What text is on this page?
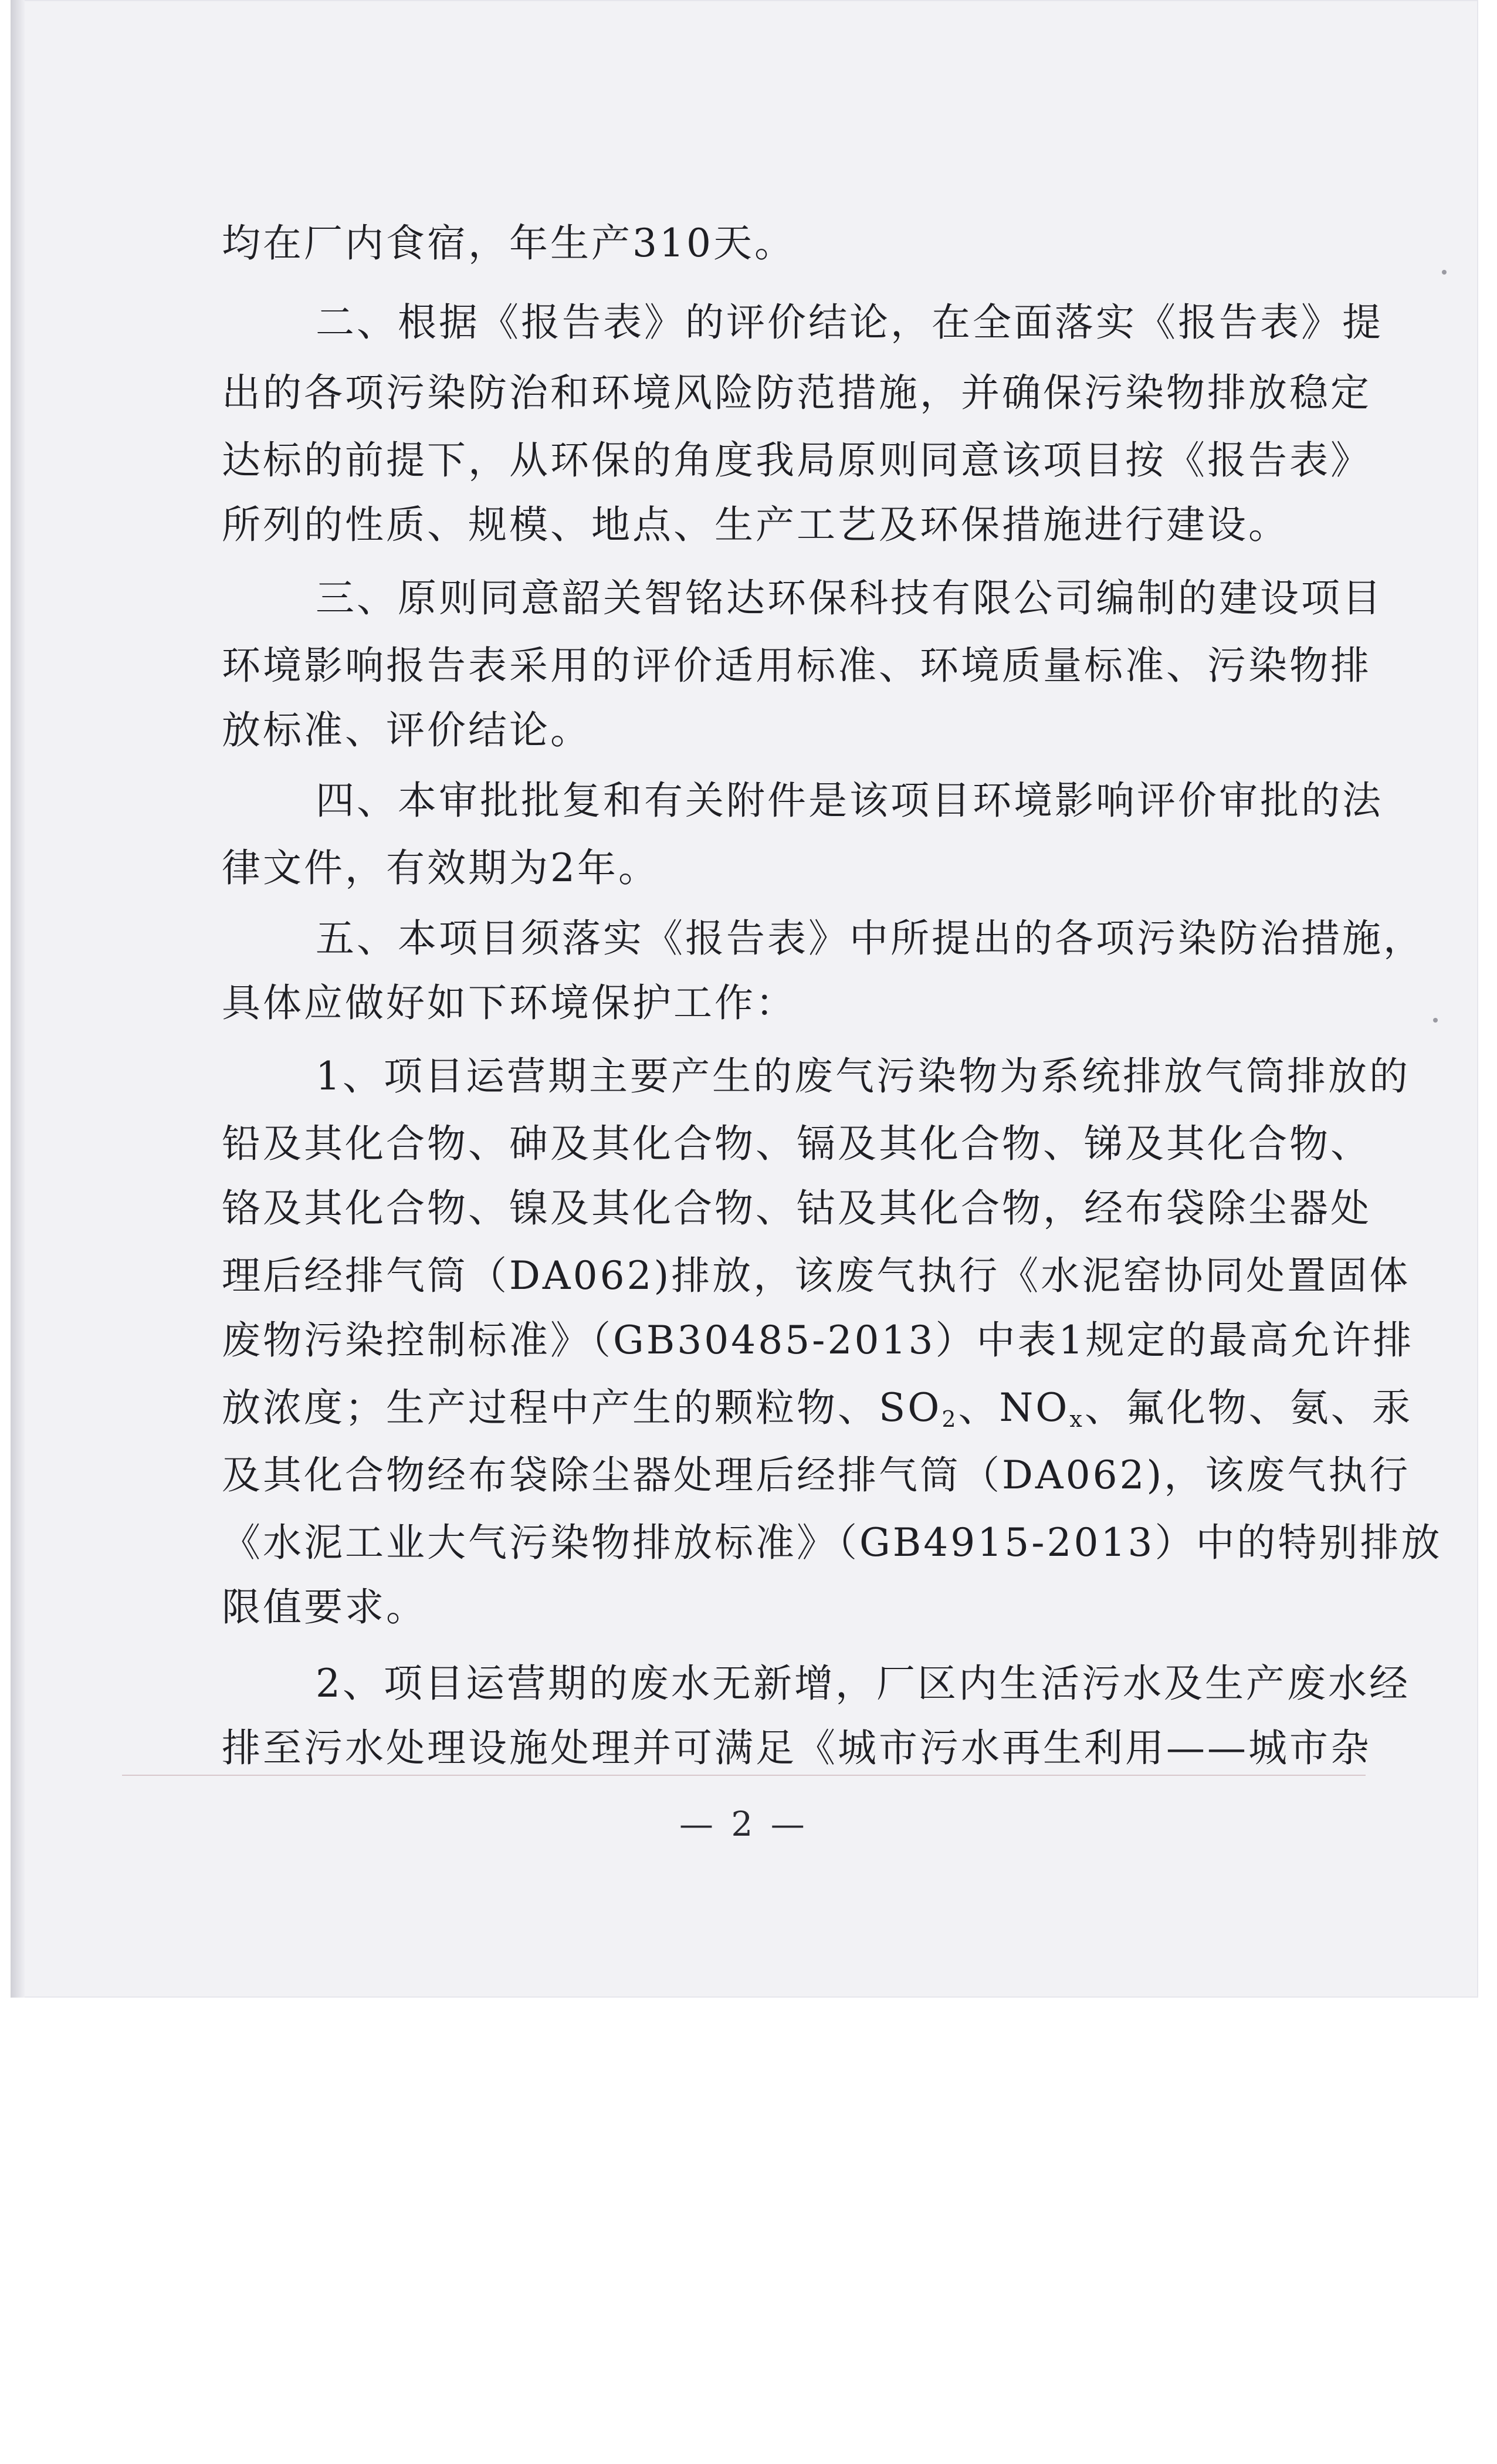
均在厂内食宿，年生产310天。
二、根据《报告表》的评价结论，在全面落实《报告表》提
出的各项污染防治和环境风险防范措施，并确保污染物排放稳定
达标的前提下，从环保的角度我局原则同意该项目按《报告表》
所列的性质、规模、地点、生产工艺及环保措施进行建设。
三、原则同意韶关智铭达环保科技有限公司编制的建设项目
环境影响报告表采用的评价适用标准、环境质量标准、污染物排
放标准、评价结论。
四、本审批批复和有关附件是该项目环境影响评价审批的法
律文件，有效期为2年。
五、本项目须落实《报告表》中所提出的各项污染防治措施，
具体应做好如下环境保护工作：
1、项目运营期主要产生的废气污染物为系统排放气筒排放的
铅及其化合物、砷及其化合物、镉及其化合物、锑及其化合物、
铬及其化合物、镍及其化合物、钴及其化合物，经布袋除尘器处
理后经排气筒（DA062)排放，该废气执行《水泥窑协同处置固体
废物污染控制标准》（GB30485-2013）中表1规定的最高允许排
放浓度；生产过程中产生的颗粒物、$SO_2$、$NO_x$、氟化物、氨、汞
及其化合物经布袋除尘器处理后经排气筒（DA062)，该废气执行
《水泥工业大气污染物排放标准》（GB4915-2013）中的特别排放
限值要求。
2、项目运营期的废水无新增，厂区内生活污水及生产废水经
排至污水处理设施处理并可满足《城市污水再生利用——城市杂
— 2 —
